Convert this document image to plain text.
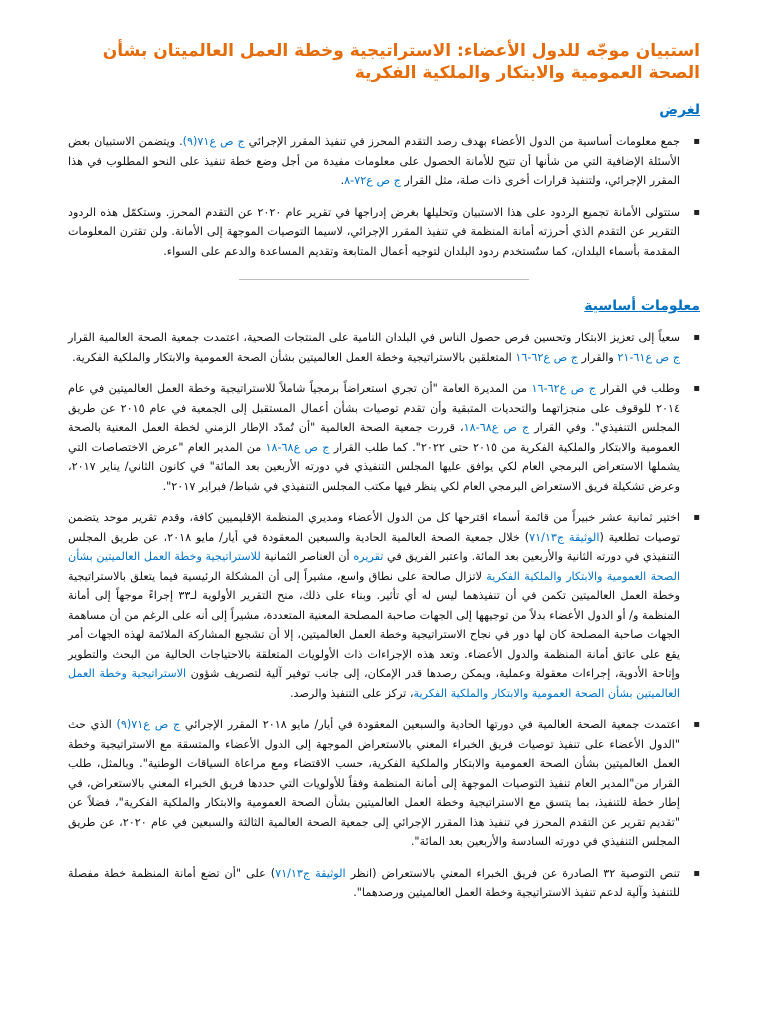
استبيان موجّه للدول الأعضاء: الاستراتيجية وخطة العمل العالميتان بشأن الصحة العمومية والابتكار والملكية الفكرية
لغرض
▪ جمع معلومات أساسية من الدول الأعضاء بهدف رصد التقدم المحرز في تنفيذ المقرر الإجرائي ج ص ع٧١(٩). ويتضمن الاستبيان بعض الأسئلة الإضافية التي من شأنها أن تتيح للأمانة الحصول على معلومات مفيدة من أجل وضع خطة تنفيذ على النحو المطلوب في هذا المقرر الإجرائي، ولتنفيذ قرارات أخرى ذات صلة، مثل القرار ج ص ع٧٢-٨.
▪ ستتولى الأمانة تجميع الردود على هذا الاستبيان وتحليلها بغرض إدراجها في تقرير عام ٢٠٢٠ عن التقدم المحرز. وستكمّل هذه الردود التقرير عن التقدم الذي أحرزته أمانة المنظمة في تنفيذ المقرر الإجرائي، لاسيما التوصيات الموجهة إلى الأمانة. ولن تقترن المعلومات المقدمة بأسماء البلدان، كما ستُستخدم ردود البلدان لتوجيه أعمال المتابعة وتقديم المساعدة والدعم على السواء.
معلومات أساسية
▪ سعياً إلى تعزيز الابتكار وتحسين فرص حصول الناس في البلدان النامية على المنتجات الصحية، اعتمدت جمعية الصحة العالمية القرار ج ص ع٦١-٢١ والقرار ج ص ع٦٢-١٦ المتعلقين بالاستراتيجية وخطة العمل العالميتين بشأن الصحة العمومية والابتكار والملكية الفكرية.
▪ وطلب في القرار ج ص ع٦٢-١٦ من المديرة العامة "أن تجري استعراضاً برمجياً شاملاً للاستراتيجية وخطة العمل العالميتين في عام ٢٠١٤ للوقوف على منجزاتهما والتحديات المتبقية وأن تقدم توصيات بشأن أعمال المستقبل إلى الجمعية في عام ٢٠١٥ عن طريق المجلس التنفيذي". وفي القرار ج ص ع٦٨-١٨، قررت جمعية الصحة العالمية "أن تُمدّد الإطار الزمني لخطة العمل المعنية بالصحة العمومية والابتكار والملكية الفكرية من ٢٠١٥ حتى ٢٠٢٢". كما طلب القرار ج ص ع٦٨-١٨ من المدير العام "عرض الاختصاصات التي يشملها الاستعراض البرمجي العام لكي يوافق عليها المجلس التنفيذي في دورته الأربعين بعد المائة" في كانون الثاني/ يناير ٢٠١٧، وعرض تشكيلة فريق الاستعراض البرمجي العام لكي ينظر فيها مكتب المجلس التنفيذي في شباط/ فبراير ٢٠١٧".
▪ اختير ثمانية عشر خبيراً من قائمة أسماء اقترحها كل من الدول الأعضاء ومديري المنظمة الإقليميين كافة، وقدم تقرير موحد يتضمن توصيات تطلعية (الوثيقة ج٧١/١٣) خلال جمعية الصحة العالمية الحادية والسبعين المعقودة في أيار/ مايو ٢٠١٨، عن طريق المجلس التنفيذي في دورته الثانية والأربعين بعد المائة. واعتبر الفريق في تقريره أن العناصر الثمانية للاستراتيجية وخطة العمل العالميتين بشأن الصحة العمومية والابتكار والملكية الفكرية لاتزال صالحة على نطاق واسع، مشيراً إلى أن المشكلة الرئيسية فيما يتعلق بالاستراتيجية وخطة العمل العالميتين تكمن في أن تنفيذهما ليس له أي تأثير. وبناء على ذلك، منح التقرير الأولوية لـ٣٣ إجراءً موجهاً إلى أمانة المنظمة و/ أو الدول الأعضاء بدلاً من توجيهها إلى الجهات صاحبة المصلحة المعنية المتعددة، مشيراً إلى أنه على الرغم من أن مساهمة الجهات صاحبة المصلحة كان لها دور في نجاح الاستراتيجية وخطة العمل العالميتين، إلا أن تشجيع المشاركة الملائمة لهذه الجهات أمر يقع على عاتق أمانة المنظمة والدول الأعضاء. وتعد هذه الإجراءات ذات الأولويات المتعلقة بالاحتياجات الحالية من البحث والتطوير وإتاحة الأدوية، إجراءات معقولة وعملية، ويمكن رصدها قدر الإمكان، إلى جانب توفير آلية لتصريف شؤون الاستراتيجية وخطة العمل العالميتين بشأن الصحة العمومية والابتكار والملكية الفكرية، تركز على التنفيذ والرصد.
▪ اعتمدت جمعية الصحة العالمية في دورتها الحادية والسبعين المعقودة في أيار/ مايو ٢٠١٨ المقرر الإجرائي ج ص ع٧١(٩) الذي حث "الدول الأعضاء على تنفيذ توصيات فريق الخبراء المعني بالاستعراض الموجهة إلى الدول الأعضاء والمتسقة مع الاستراتيجية وخطة العمل العالميتين بشأن الصحة العمومية والابتكار والملكية الفكرية، حسب الاقتضاء ومع مراعاة السياقات الوطنية". وبالمثل، طلب القرار من"المدير العام تنفيذ التوصيات الموجهة إلى أمانة المنظمة وفقاً للأولويات التي حددها فريق الخبراء المعني بالاستعراض، في إطار خطة للتنفيذ، بما يتسق مع الاستراتيجية وخطة العمل العالميتين بشأن الصحة العمومية والابتكار والملكية الفكرية"، فضلاً عن "تقديم تقرير عن التقدم المحرز في تنفيذ هذا المقرر الإجرائي إلى جمعية الصحة العالمية الثالثة والسبعين في عام ٢٠٢٠، عن طريق المجلس التنفيذي في دورته السادسة والأربعين بعد المائة".
▪ تنص التوصية ٣٢ الصادرة عن فريق الخبراء المعني بالاستعراض (انظر الوثيقة ج٧١/١٣) على "أن تضع أمانة المنظمة خطة مفصلة للتنفيذ وآلية لدعم تنفيذ الاستراتيجية وخطة العمل العالميتين ورصدهما".
